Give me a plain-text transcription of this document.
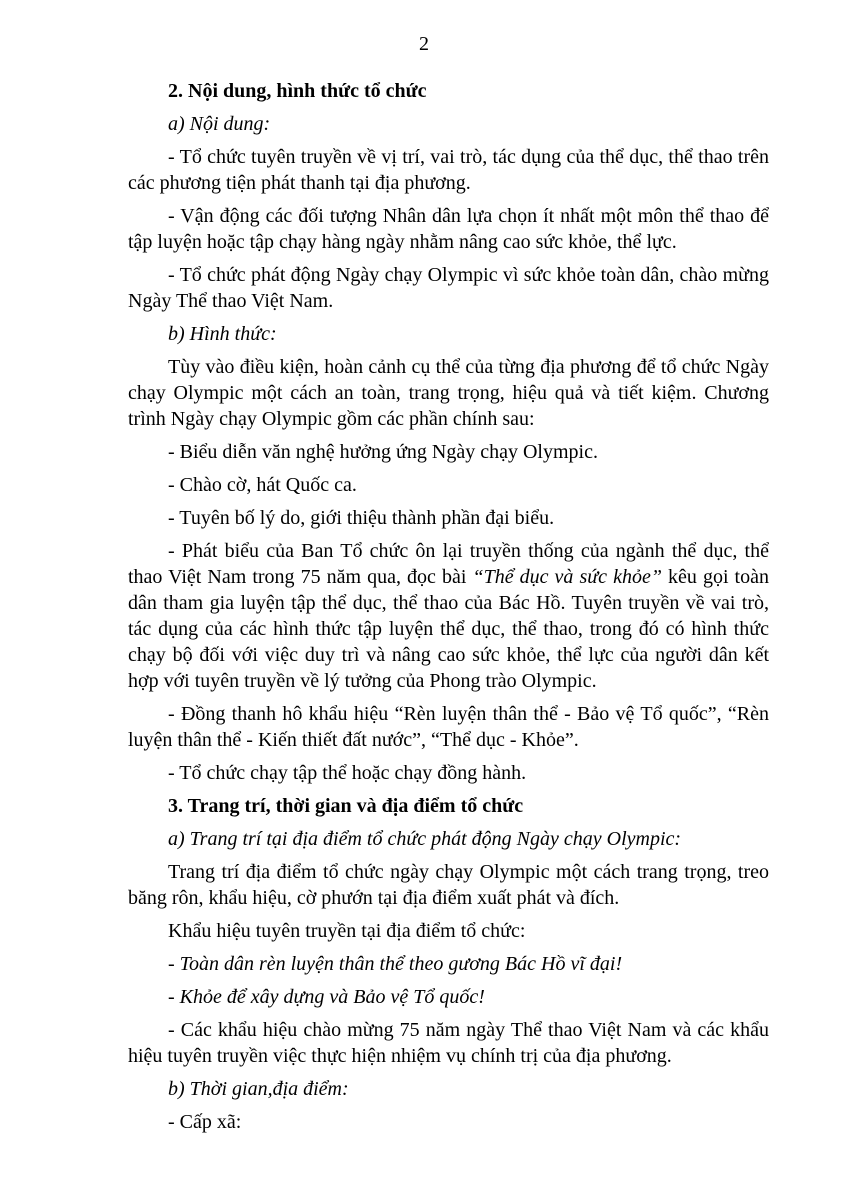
2

2. Nội dung, hình thức tổ chức

a) Nội dung:

- Tổ chức tuyên truyền về vị trí, vai trò, tác dụng của thể dục, thể thao trên các phương tiện phát thanh tại địa phương.

- Vận động các đối tượng Nhân dân lựa chọn ít nhất một môn thể thao để tập luyện hoặc tập chạy hàng ngày nhằm nâng cao sức khỏe, thể lực.

- Tổ chức phát động Ngày chạy Olympic vì sức khỏe toàn dân, chào mừng Ngày Thể thao Việt Nam.

b) Hình thức:

Tùy vào điều kiện, hoàn cảnh cụ thể của từng địa phương để tổ chức Ngày chạy Olympic một cách an toàn, trang trọng, hiệu quả và tiết kiệm. Chương trình Ngày chạy Olympic gồm các phần chính sau:

- Biểu diễn văn nghệ hưởng ứng Ngày chạy Olympic.

- Chào cờ, hát Quốc ca.

- Tuyên bố lý do, giới thiệu thành phần đại biểu.

- Phát biểu của Ban Tổ chức ôn lại truyền thống của ngành thể dục, thể thao Việt Nam trong 75 năm qua, đọc bài “Thể dục và sức khỏe” kêu gọi toàn dân tham gia luyện tập thể dục, thể thao của Bác Hồ. Tuyên truyền về vai trò, tác dụng của các hình thức tập luyện thể dục, thể thao, trong đó có hình thức chạy bộ đối với việc duy trì và nâng cao sức khỏe, thể lực của người dân kết hợp với tuyên truyền về lý tưởng của Phong trào Olympic.

- Đồng thanh hô khẩu hiệu “Rèn luyện thân thể - Bảo vệ Tổ quốc”, “Rèn luyện thân thể - Kiến thiết đất nước”, “Thể dục - Khỏe”.

- Tổ chức chạy tập thể hoặc chạy đồng hành.

3. Trang trí, thời gian và địa điểm tổ chức

a) Trang trí tại địa điểm tổ chức phát động Ngày chạy Olympic:

Trang trí địa điểm tổ chức ngày chạy Olympic một cách trang trọng, treo băng rôn, khẩu hiệu, cờ phướn tại địa điểm xuất phát và đích.

Khẩu hiệu tuyên truyền tại địa điểm tổ chức:

- Toàn dân rèn luyện thân thể theo gương Bác Hồ vĩ đại!

- Khỏe để xây dựng và Bảo vệ Tổ quốc!

- Các khẩu hiệu chào mừng 75 năm ngày Thể thao Việt Nam và các khẩu hiệu tuyên truyền việc thực hiện nhiệm vụ chính trị của địa phương.

b) Thời gian,địa điểm:

- Cấp xã:
